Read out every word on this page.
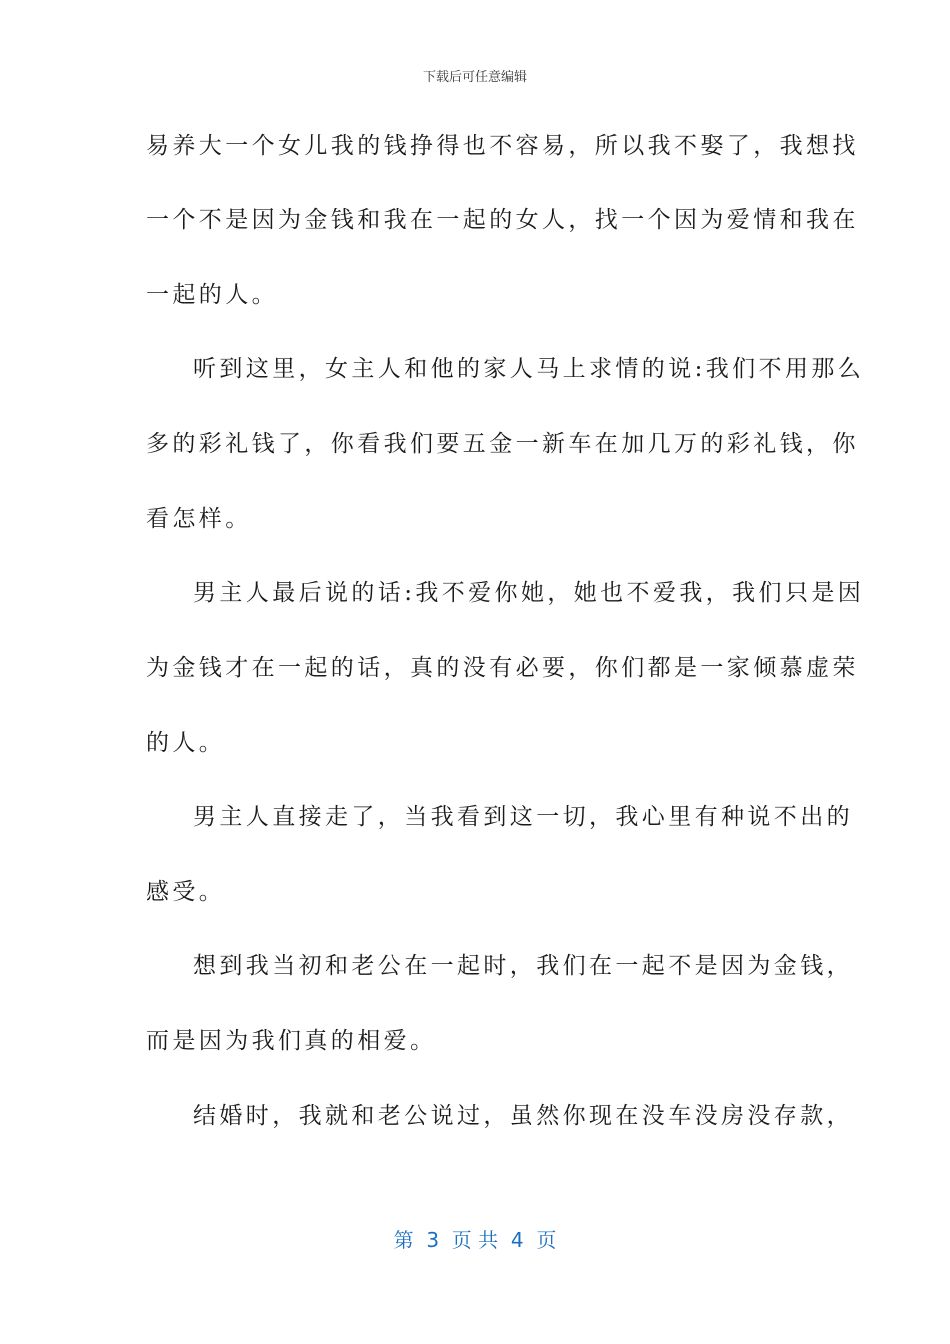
下载后可任意编辑
易养大一个女儿我的钱挣得也不容易，所以我不娶了，我想找
一个不是因为金钱和我在一起的女人，找一个因为爱情和我在
一起的人。
听到这里，女主人和他的家人马上求情的说:我们不用那么
多的彩礼钱了，你看我们要五金一新车在加几万的彩礼钱，你
看怎样。
男主人最后说的话:我不爱你她，她也不爱我，我们只是因
为金钱才在一起的话，真的没有必要，你们都是一家倾慕虚荣
的人。
男主人直接走了，当我看到这一切，我心里有种说不出的
感受。
想到我当初和老公在一起时，我们在一起不是因为金钱，
而是因为我们真的相爱。
结婚时，我就和老公说过，虽然你现在没车没房没存款，
第  3  页 共  4  页
